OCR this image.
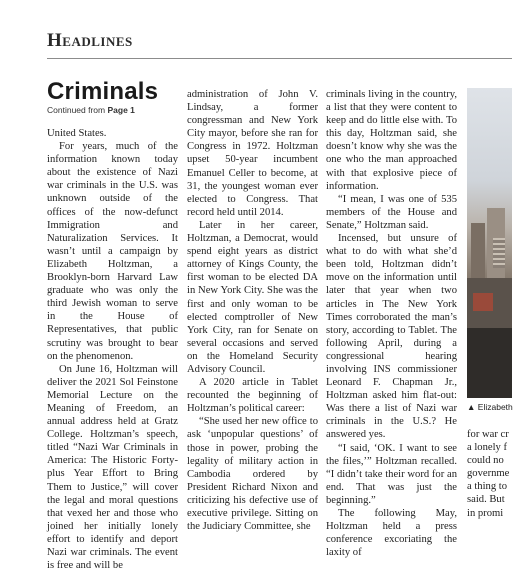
Headlines
Criminals
Continued from Page 1

United States.

For years, much of the information known today about the existence of Nazi war criminals in the U.S. was unknown outside of the offices of the now-defunct Immigration and Naturalization Services. It wasn’t until a campaign by Elizabeth Holtzman, a Brooklyn-born Harvard Law graduate who was only the third Jewish woman to serve in the House of Representatives, that public scrutiny was brought to bear on the phenomenon.

On June 16, Holtzman will deliver the 2021 Sol Feinstone Memorial Lecture on the Meaning of Freedom, an annual address held at Gratz College. Holtzman’s speech, titled “Nazi War Criminals in America: The Historic Forty-plus Year Effort to Bring Them to Justice,” will cover the legal and moral questions that vexed her and those who joined her initially lonely effort to identify and deport Nazi war criminals. The event is free and will be

administration of John V. Lindsay, a former congressman and New York City mayor, before she ran for Congress in 1972. Holtzman upset 50-year incumbent Emanuel Celler to become, at 31, the youngest woman ever elected to Congress. That record held until 2014.

Later in her career, Holtzman, a Democrat, would spend eight years as district attorney of Kings County, the first woman to be elected DA in New York City. She was the first and only woman to be elected comptroller of New York City, ran for Senate on several occasions and served on the Homeland Security Advisory Council.

A 2020 article in Tablet recounted the beginning of Holtzman’s political career:

“She used her new office to ask ‘unpopular questions’ of those in power, probing the legality of military action in Cambodia ordered by President Richard Nixon and criticizing his defective use of executive privilege. Sitting on the Judiciary Committee, she

criminals living in the country, a list that they were content to keep and do little else with. To this day, Holtzman said, she doesn’t know why she was the one who the man approached with that explosive piece of information.

“I mean, I was one of 535 members of the House and Senate,” Holtzman said.

Incensed, but unsure of what to do with what she’d been told, Holtzman didn’t move on the information until later that year when two articles in The New York Times corroborated the man’s story, according to Tablet. The following April, during a congressional hearing involving INS commissioner Leonard F. Chapman Jr., Holtzman asked him flat-out: Was there a list of Nazi war criminals in the U.S.? He answered yes.

“I said, ‘OK. I want to see the files,’” Holtzman recalled. “I didn’t take their word for an end. That was just the beginning.”

The following May, Holtzman held a press conference excoriating the laxity of

▲ Elizabeth
for war cr
a lonely f
could no
governme
a thing to
said. But
in promi
